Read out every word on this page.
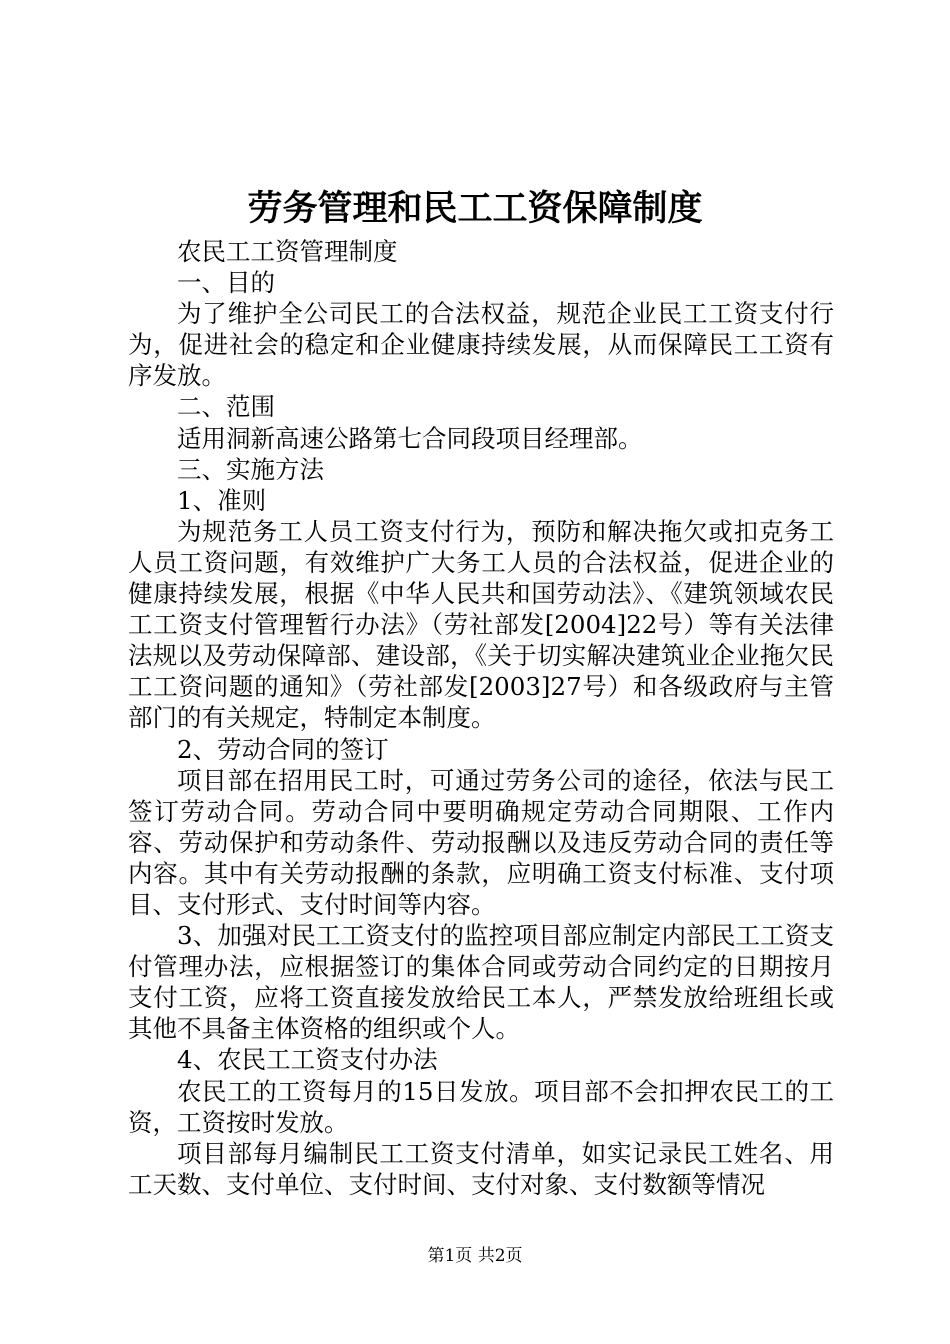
劳务管理和民工工资保障制度

农民工工资管理制度

一、目的

为了维护全公司民工的合法权益，规范企业民工工资支付行为，促进社会的稳定和企业健康持续发展，从而保障民工工资有序发放。

二、范围

适用洞新高速公路第七合同段项目经理部。

三、实施方法

1、准则

为规范务工人员工资支付行为，预防和解决拖欠或扣克务工人员工资问题，有效维护广大务工人员的合法权益，促进企业的健康持续发展，根据《中华人民共和国劳动法》、《建筑领域农民工工资支付管理暂行办法》（劳社部发[2004]22号）等有关法律法规以及劳动保障部、建设部，《关于切实解决建筑业企业拖欠民工工资问题的通知》（劳社部发[2003]27号）和各级政府与主管部门的有关规定，特制定本制度。

2、劳动合同的签订

项目部在招用民工时，可通过劳务公司的途径，依法与民工签订劳动合同。劳动合同中要明确规定劳动合同期限、工作内容、劳动保护和劳动条件、劳动报酬以及违反劳动合同的责任等内容。其中有关劳动报酬的条款，应明确工资支付标准、支付项目、支付形式、支付时间等内容。

3、加强对民工工资支付的监控项目部应制定内部民工工资支付管理办法，应根据签订的集体合同或劳动合同约定的日期按月支付工资，应将工资直接发放给民工本人，严禁发放给班组长或其他不具备主体资格的组织或个人。

4、农民工工资支付办法

农民工的工资每月的15日发放。项目部不会扣押农民工的工资，工资按时发放。

项目部每月编制民工工资支付清单，如实记录民工姓名、用工天数、支付单位、支付时间、支付对象、支付数额等情况

第1页 共2页
